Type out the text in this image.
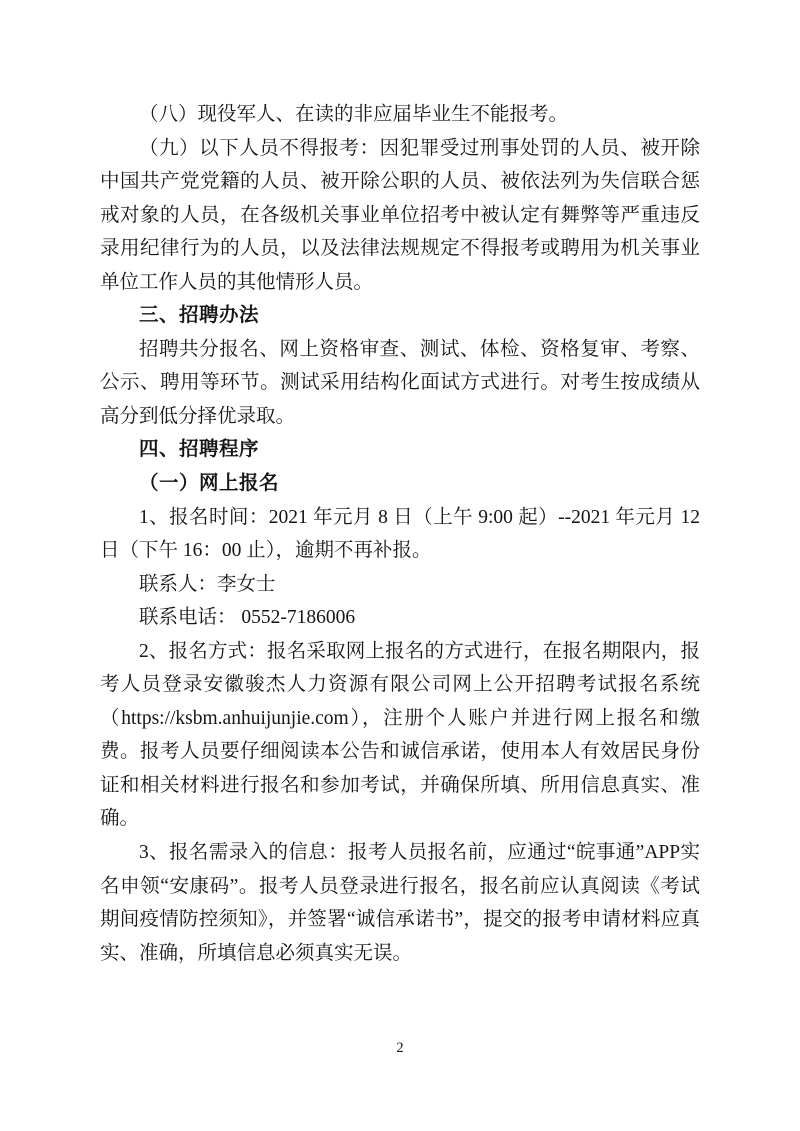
（八）现役军人、在读的非应届毕业生不能报考。

（九）以下人员不得报考：因犯罪受过刑事处罚的人员、被开除中国共产党党籍的人员、被开除公职的人员、被依法列为失信联合惩戒对象的人员，在各级机关事业单位招考中被认定有舞弊等严重违反录用纪律行为的人员，以及法律法规规定不得报考或聘用为机关事业单位工作人员的其他情形人员。

三、招聘办法

招聘共分报名、网上资格审查、测试、体检、资格复审、考察、公示、聘用等环节。测试采用结构化面试方式进行。对考生按成绩从高分到低分择优录取。

四、招聘程序

（一）网上报名

1、报名时间：2021 年元月 8 日（上午 9:00 起）--2021 年元月 12 日（下午 16：00 止），逾期不再补报。

联系人：李女士

联系电话： 0552-7186006

2、报名方式：报名采取网上报名的方式进行，在报名期限内，报考人员登录安徽骏杰人力资源有限公司网上公开招聘考试报名系统（https://ksbm.anhuijunjie.com），注册个人账户并进行网上报名和缴费。报考人员要仔细阅读本公告和诚信承诺，使用本人有效居民身份证和相关材料进行报名和参加考试，并确保所填、所用信息真实、准确。

3、报名需录入的信息：报考人员报名前，应通过“皖事通”APP实名申领“安康码”。报考人员登录进行报名，报名前应认真阅读《考试期间疫情防控须知》，并签署“诚信承诺书”，提交的报考申请材料应真实、准确，所填信息必须真实无误。

2
